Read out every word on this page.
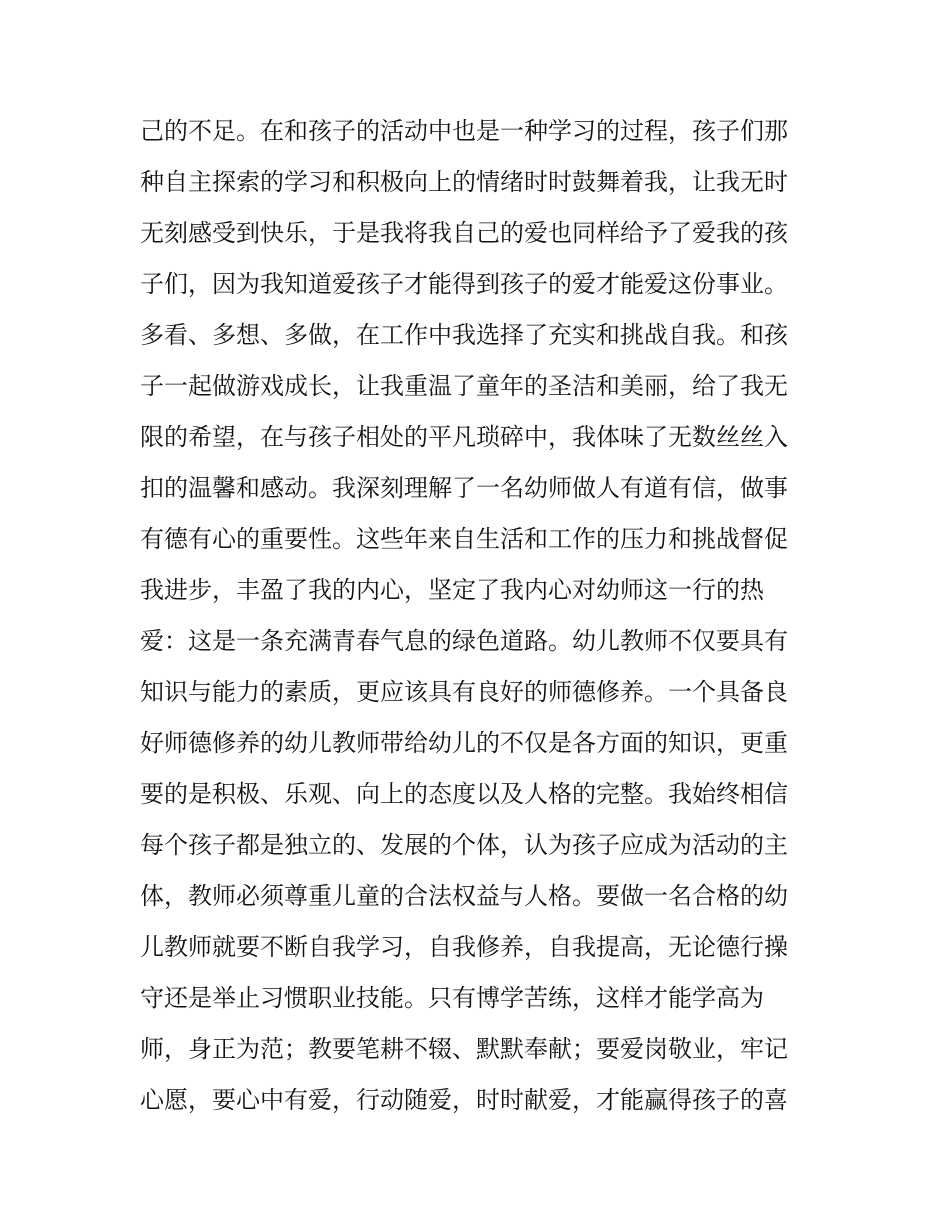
己的不足。在和孩子的活动中也是一种学习的过程，孩子们那
种自主探索的学习和积极向上的情绪时时鼓舞着我，让我无时
无刻感受到快乐，于是我将我自己的爱也同样给予了爱我的孩
子们，因为我知道爱孩子才能得到孩子的爱才能爱这份事业。
多看、多想、多做，在工作中我选择了充实和挑战自我。和孩
子一起做游戏成长，让我重温了童年的圣洁和美丽，给了我无
限的希望，在与孩子相处的平凡琐碎中，我体味了无数丝丝入
扣的温馨和感动。我深刻理解了一名幼师做人有道有信，做事
有德有心的重要性。这些年来自生活和工作的压力和挑战督促
我进步，丰盈了我的内心，坚定了我内心对幼师这一行的热
爱：这是一条充满青春气息的绿色道路。幼儿教师不仅要具有
知识与能力的素质，更应该具有良好的师德修养。一个具备良
好师德修养的幼儿教师带给幼儿的不仅是各方面的知识，更重
要的是积极、乐观、向上的态度以及人格的完整。我始终相信
每个孩子都是独立的、发展的个体，认为孩子应成为活动的主
体，教师必须尊重儿童的合法权益与人格。要做一名合格的幼
儿教师就要不断自我学习，自我修养，自我提高，无论德行操
守还是举止习惯职业技能。只有博学苦练，这样才能学高为
师，身正为范；教要笔耕不辍、默默奉献；要爱岗敬业，牢记
心愿，要心中有爱，行动随爱，时时献爱，才能赢得孩子的喜
